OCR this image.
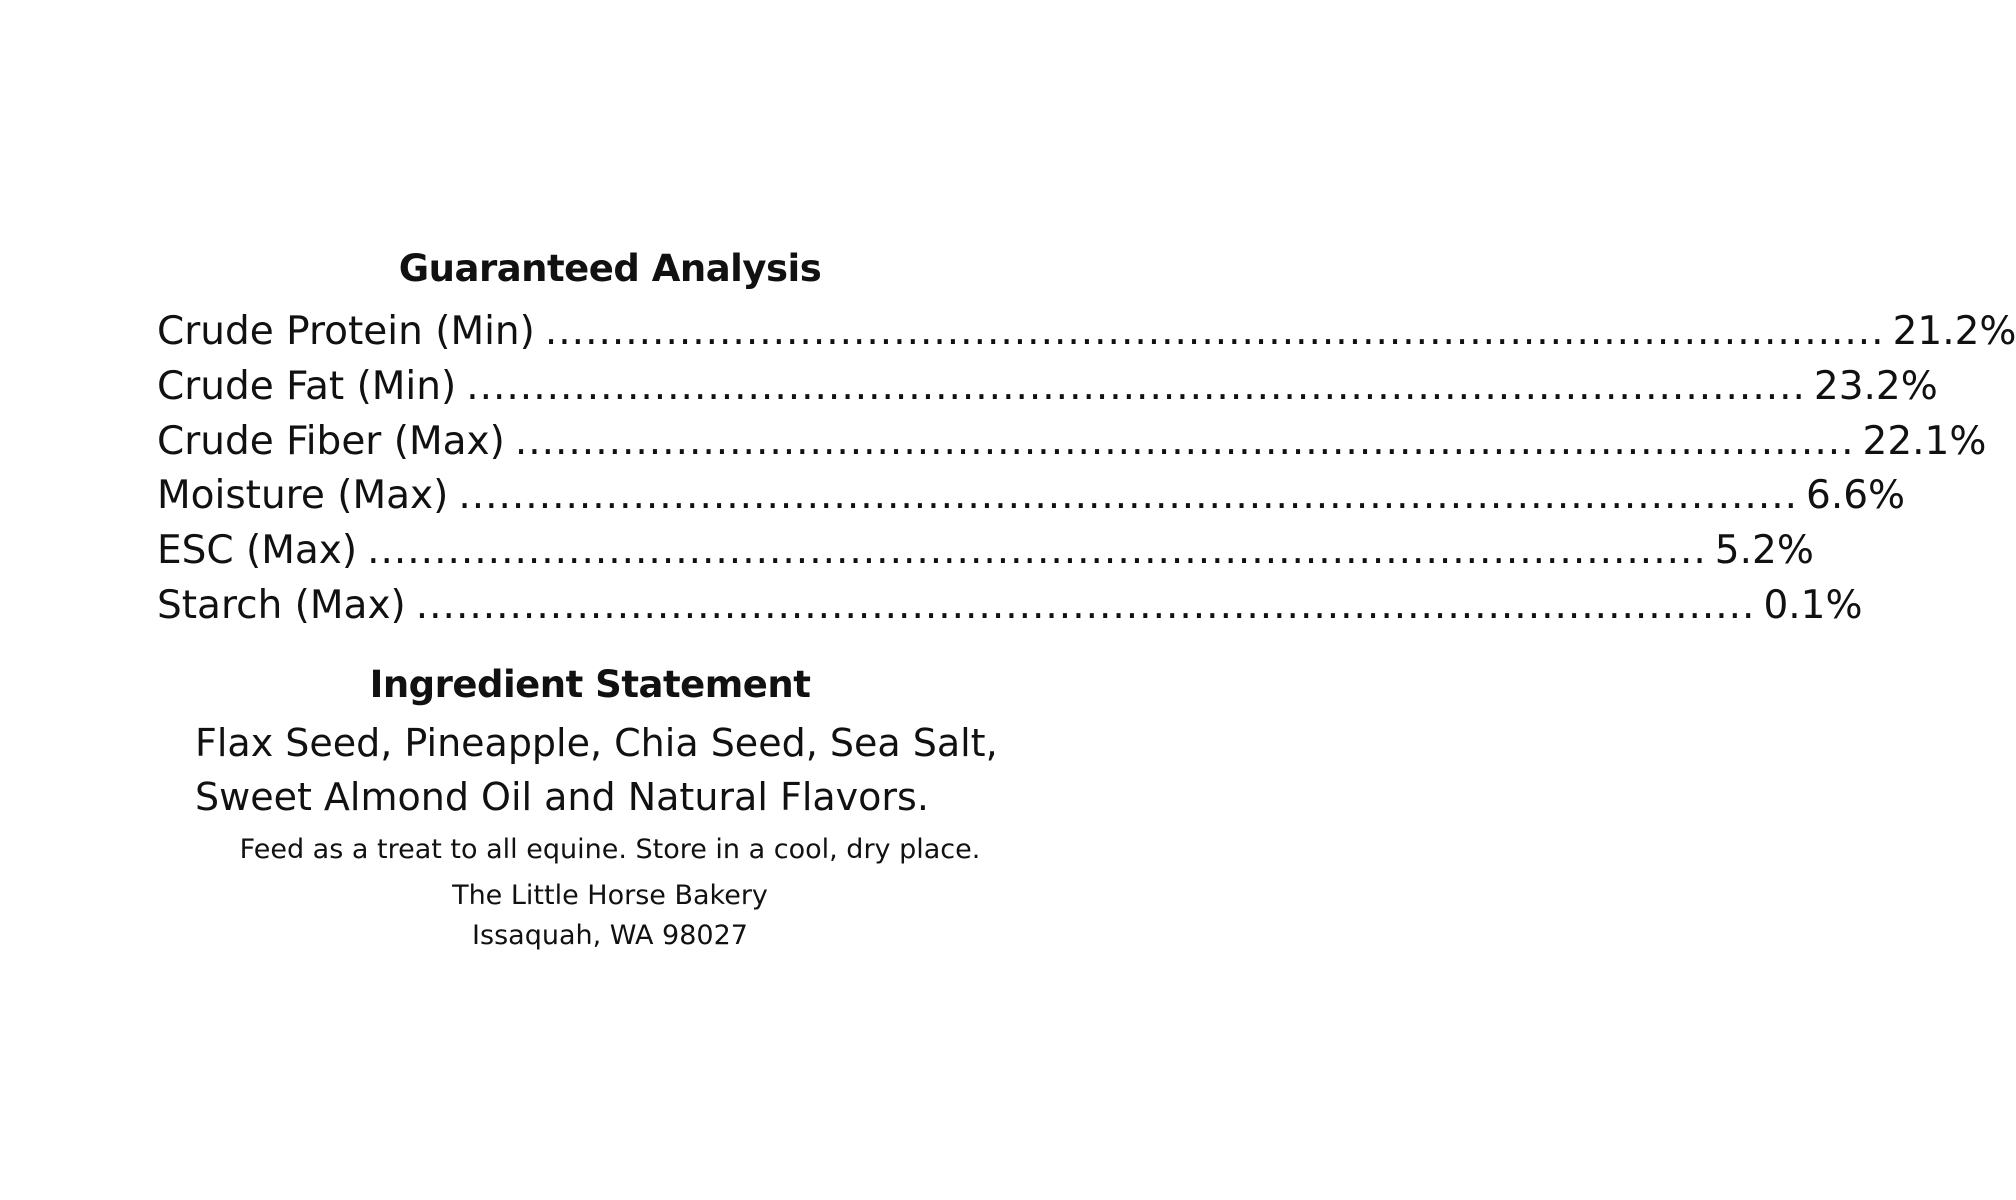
Guaranteed Analysis
Crude Protein (Min) .................................................................................................... 21.2%
Crude Fat (Min) .................................................................................................... 23.2%
Crude Fiber (Max) .................................................................................................... 22.1%
Moisture (Max) .................................................................................................... 6.6%
ESC (Max) .................................................................................................... 5.2%
Starch (Max) .................................................................................................... 0.1%
Ingredient Statement
Flax Seed, Pineapple, Chia Seed, Sea Salt,
Sweet Almond Oil and Natural Flavors.
Feed as a treat to all equine. Store in a cool, dry place.
The Little Horse Bakery
Issaquah, WA 98027
